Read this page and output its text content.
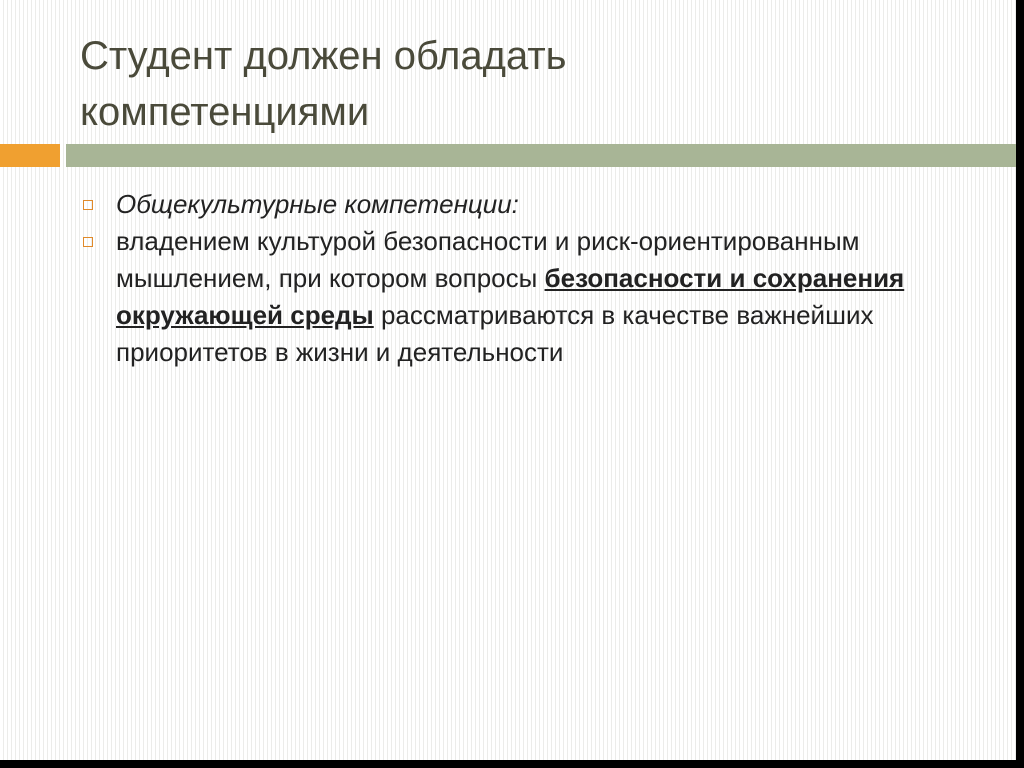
Студент должен обладать
компетенциями
Общекультурные компетенции:
владением культурой безопасности и риск-ориентированным мышлением, при котором вопросы безопасности и сохранения окружающей среды рассматриваются в качестве важнейших приоритетов в жизни и деятельности
